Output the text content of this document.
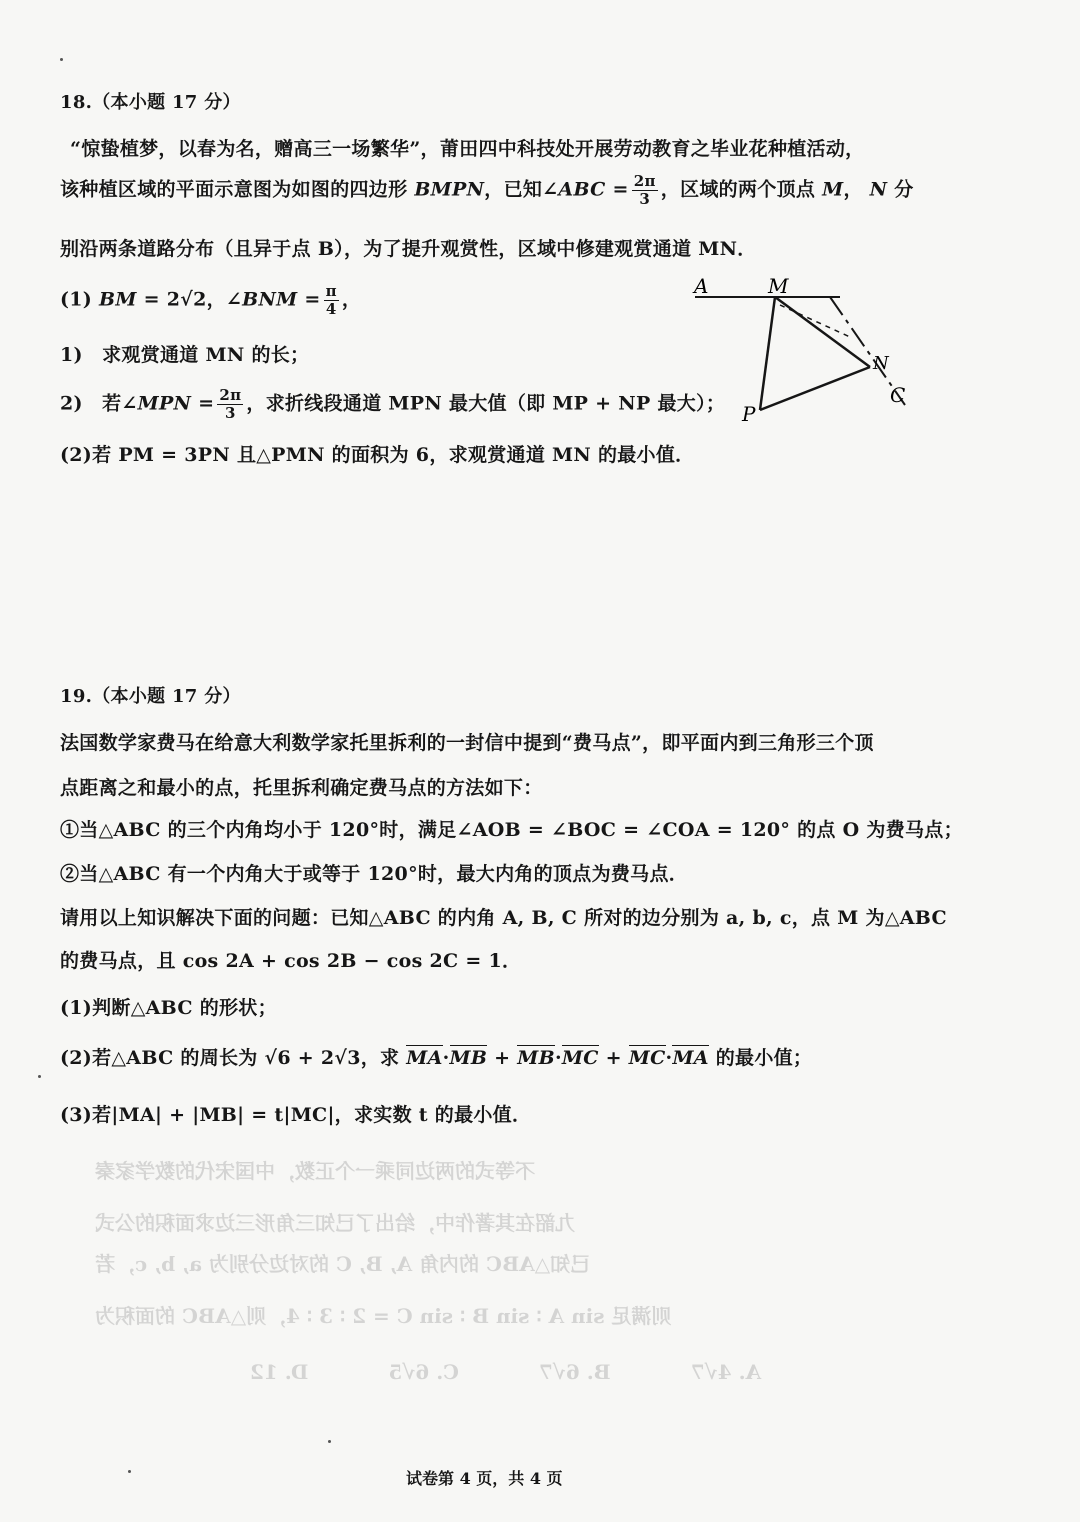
18.（本小题 17 分）
“惊蛰植梦，以春为名，赠高三一场繁华”，莆田四中科技处开展劳动教育之毕业花种植活动，
该种植区域的平面示意图为如图的四边形 BMPN，已知∠ABC = $\frac{2\pi}{3}$ ，区域的两个顶点 M， N 分
别沿两条道路分布（且异于点 B），为了提升观赏性，区域中修建观赏通道 MN．
(1) BM = 2√2，∠BNM = $\frac{\pi}{4}$ ，
1)　求观赏通道 MN 的长；
2)　若∠MPN = $\frac{2\pi}{3}$ ，求折线段通道 MPN 最大值（即 MP + NP 最大）；
(2)若 PM = 3PN 且△PMN 的面积为 6，求观赏通道 MN 的最小值．
A	M
N
C
P
19.（本小题 17 分）
法国数学家费马在给意大利数学家托里拆利的一封信中提到“费马点”，即平面内到三角形三个顶
点距离之和最小的点，托里拆利确定费马点的方法如下：
①当△ABC 的三个内角均小于 120°时，满足∠AOB = ∠BOC = ∠COA = 120° 的点 O 为费马点；
②当△ABC 有一个内角大于或等于 120°时，最大内角的顶点为费马点．
请用以上知识解决下面的问题：已知△ABC 的内角 A, B, C 所对的边分别为 a, b, c，点 M 为△ABC
的费马点，且 cos 2A + cos 2B − cos 2C = 1．
(1)判断△ABC 的形状；
(2)若△ABC 的周长为 √6 + 2√3，求 MA·MB + MB·MC + MC·MA 的最小值；
(3)若|MA| + |MB| = t|MC|，求实数 t 的最小值．
不等式的两边同乘一个正数，中国宋代的数学家秦
九韶在其著作中，给出了已知三角形三边求面积的公式
已知△ABC 的内角 A, B, C 的对边分别为 a, b, c，若
则满足 sin A ∶ sin B ∶ sin C = 2 ∶ 3 ∶ 4，则△ABC 的面积为
A. 4√7　　　　B. 6√7　　　　C. 6√5　　　　D. 12
试卷第 4 页，共 4 页
